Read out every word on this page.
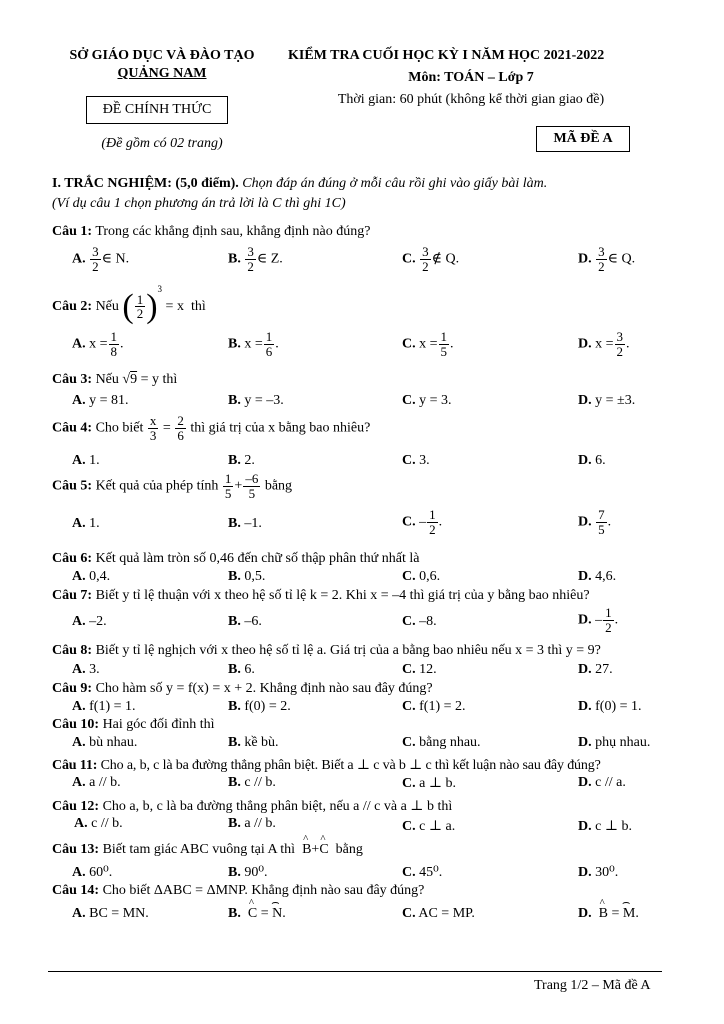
SỞ GIÁO DỤC VÀ ĐÀO TẠO
QUẢNG NAM
ĐỀ CHÍNH THỨC
(Đề gồm có 02 trang)
KIỂM TRA CUỐI HỌC KỲ I NĂM HỌC 2021-2022
Môn: TOÁN – Lớp 7
Thời gian: 60 phút (không kể thời gian giao đề)
MÃ ĐỀ A
I. TRẮC NGHIỆM: (5,0 điểm). Chọn đáp án đúng ở mỗi câu rồi ghi vào giấy bài làm.
(Ví dụ câu 1 chọn phương án trả lời là C thì ghi 1C)
Câu 1: Trong các khẳng định sau, khẳng định nào đúng?
A. $\frac{3}{2}$ ∈ N.	B. $\frac{3}{2}$ ∈ Z.	C. $\frac{3}{2}$ ∉ Q.	D. $\frac{3}{2}$ ∈ Q.
Câu 2: Nếu ( $\frac{1}{2} )^3 = x$ thì
A. $x = \frac{1}{8}$ .	B. $x = \frac{1}{6}$ .	C. $x = \frac{1}{5}$ .	D. $x = \frac{3}{2}$ .
Câu 3: Nếu √9 = y thì
A. y = 81.	B. y = –3.	C. y = 3.	D. y = ±3.
Câu 4: Cho biết $\frac{x}{3} = \frac{2}{6}$ thì giá trị của x bằng bao nhiêu?
A. 1.	B. 2.	C. 3.	D. 6.
Câu 5: Kết quả của phép tính $\frac{1}{5} + \frac{-6}{5}$ bằng
A. 1.	B. –1.	C. – $\frac{1}{2}$ .	D. $\frac{7}{5}$ .
Câu 6: Kết quả làm tròn số 0,46 đến chữ số thập phân thứ nhất là
A. 0,4.	B. 0,5.	C. 0,6.	D. 4,6.
Câu 7: Biết y tỉ lệ thuận với x theo hệ số tỉ lệ k = 2. Khi x = –4 thì giá trị của y bằng bao nhiêu?
A. –2.	B. –6.	C. –8.	D. – $\frac{1}{2}$ .
Câu 8: Biết y tỉ lệ nghịch với x theo hệ số tỉ lệ a. Giá trị của a bằng bao nhiêu nếu x = 3 thì y = 9?
A. 3.	B. 6.	C. 12.	D. 27.
Câu 9: Cho hàm số y = f(x) = x + 2. Khẳng định nào sau đây đúng?
A. f(1) = 1.	B. f(0) = 2.	C. f(1) = 2.	D. f(0) = 1.
Câu 10: Hai góc đối đỉnh thì
A. bù nhau.	B. kề bù.	C. bằng nhau.	D. phụ nhau.
Câu 11: Cho a, b, c là ba đường thẳng phân biệt. Biết a ⊥ c và b ⊥ c thì kết luận nào sau đây đúng?
A. a // b.	B. c // b.	C. a ⊥ b.	D. c // a.
Câu 12: Cho a, b, c là ba đường thẳng phân biệt, nếu a // c và a ⊥ b thì
A. c // b.	B. a // b.	C. c ⊥ a.	D. c ⊥ b.
Câu 13: Biết tam giác ABC vuông tại A thì ^ B+^ C bằng
A. 60⁰.	B. 90⁰.	C. 45⁰.	D. 30⁰.
Câu 14: Cho biết ΔABC = ΔMNP. Khẳng định nào sau đây đúng?
A. BC = MN.	B. ^ C = ⌢ N.	C. AC = MP.	D. ^ B = ⌢ M.
Trang 1/2 – Mã đề A
